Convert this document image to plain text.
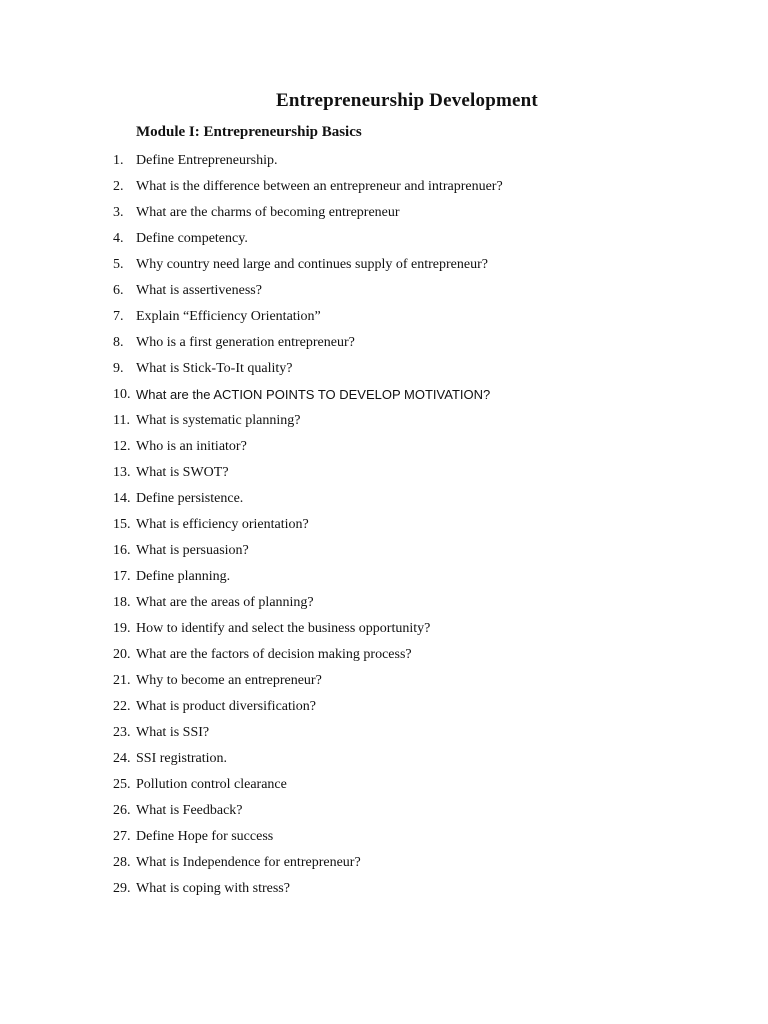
Entrepreneurship Development
Module I: Entrepreneurship Basics
1. Define Entrepreneurship.
2. What is the difference between an entrepreneur and intraprenuer?
3. What are the charms of becoming entrepreneur
4. Define competency.
5. Why country need large and continues supply of entrepreneur?
6. What is assertiveness?
7. Explain “Efficiency Orientation”
8. Who is a first generation entrepreneur?
9. What is Stick-To-It quality?
10. What are the ACTION POINTS TO DEVELOP MOTIVATION?
11. What is systematic planning?
12. Who is an initiator?
13. What is SWOT?
14. Define persistence.
15. What is efficiency orientation?
16. What is persuasion?
17. Define planning.
18. What are the areas of planning?
19. How to identify and select the business opportunity?
20. What are the factors of decision making process?
21. Why to become an entrepreneur?
22. What is product diversification?
23. What is SSI?
24. SSI registration.
25. Pollution control clearance
26. What is Feedback?
27. Define Hope for success
28. What is Independence for entrepreneur?
29. What is coping with stress?
